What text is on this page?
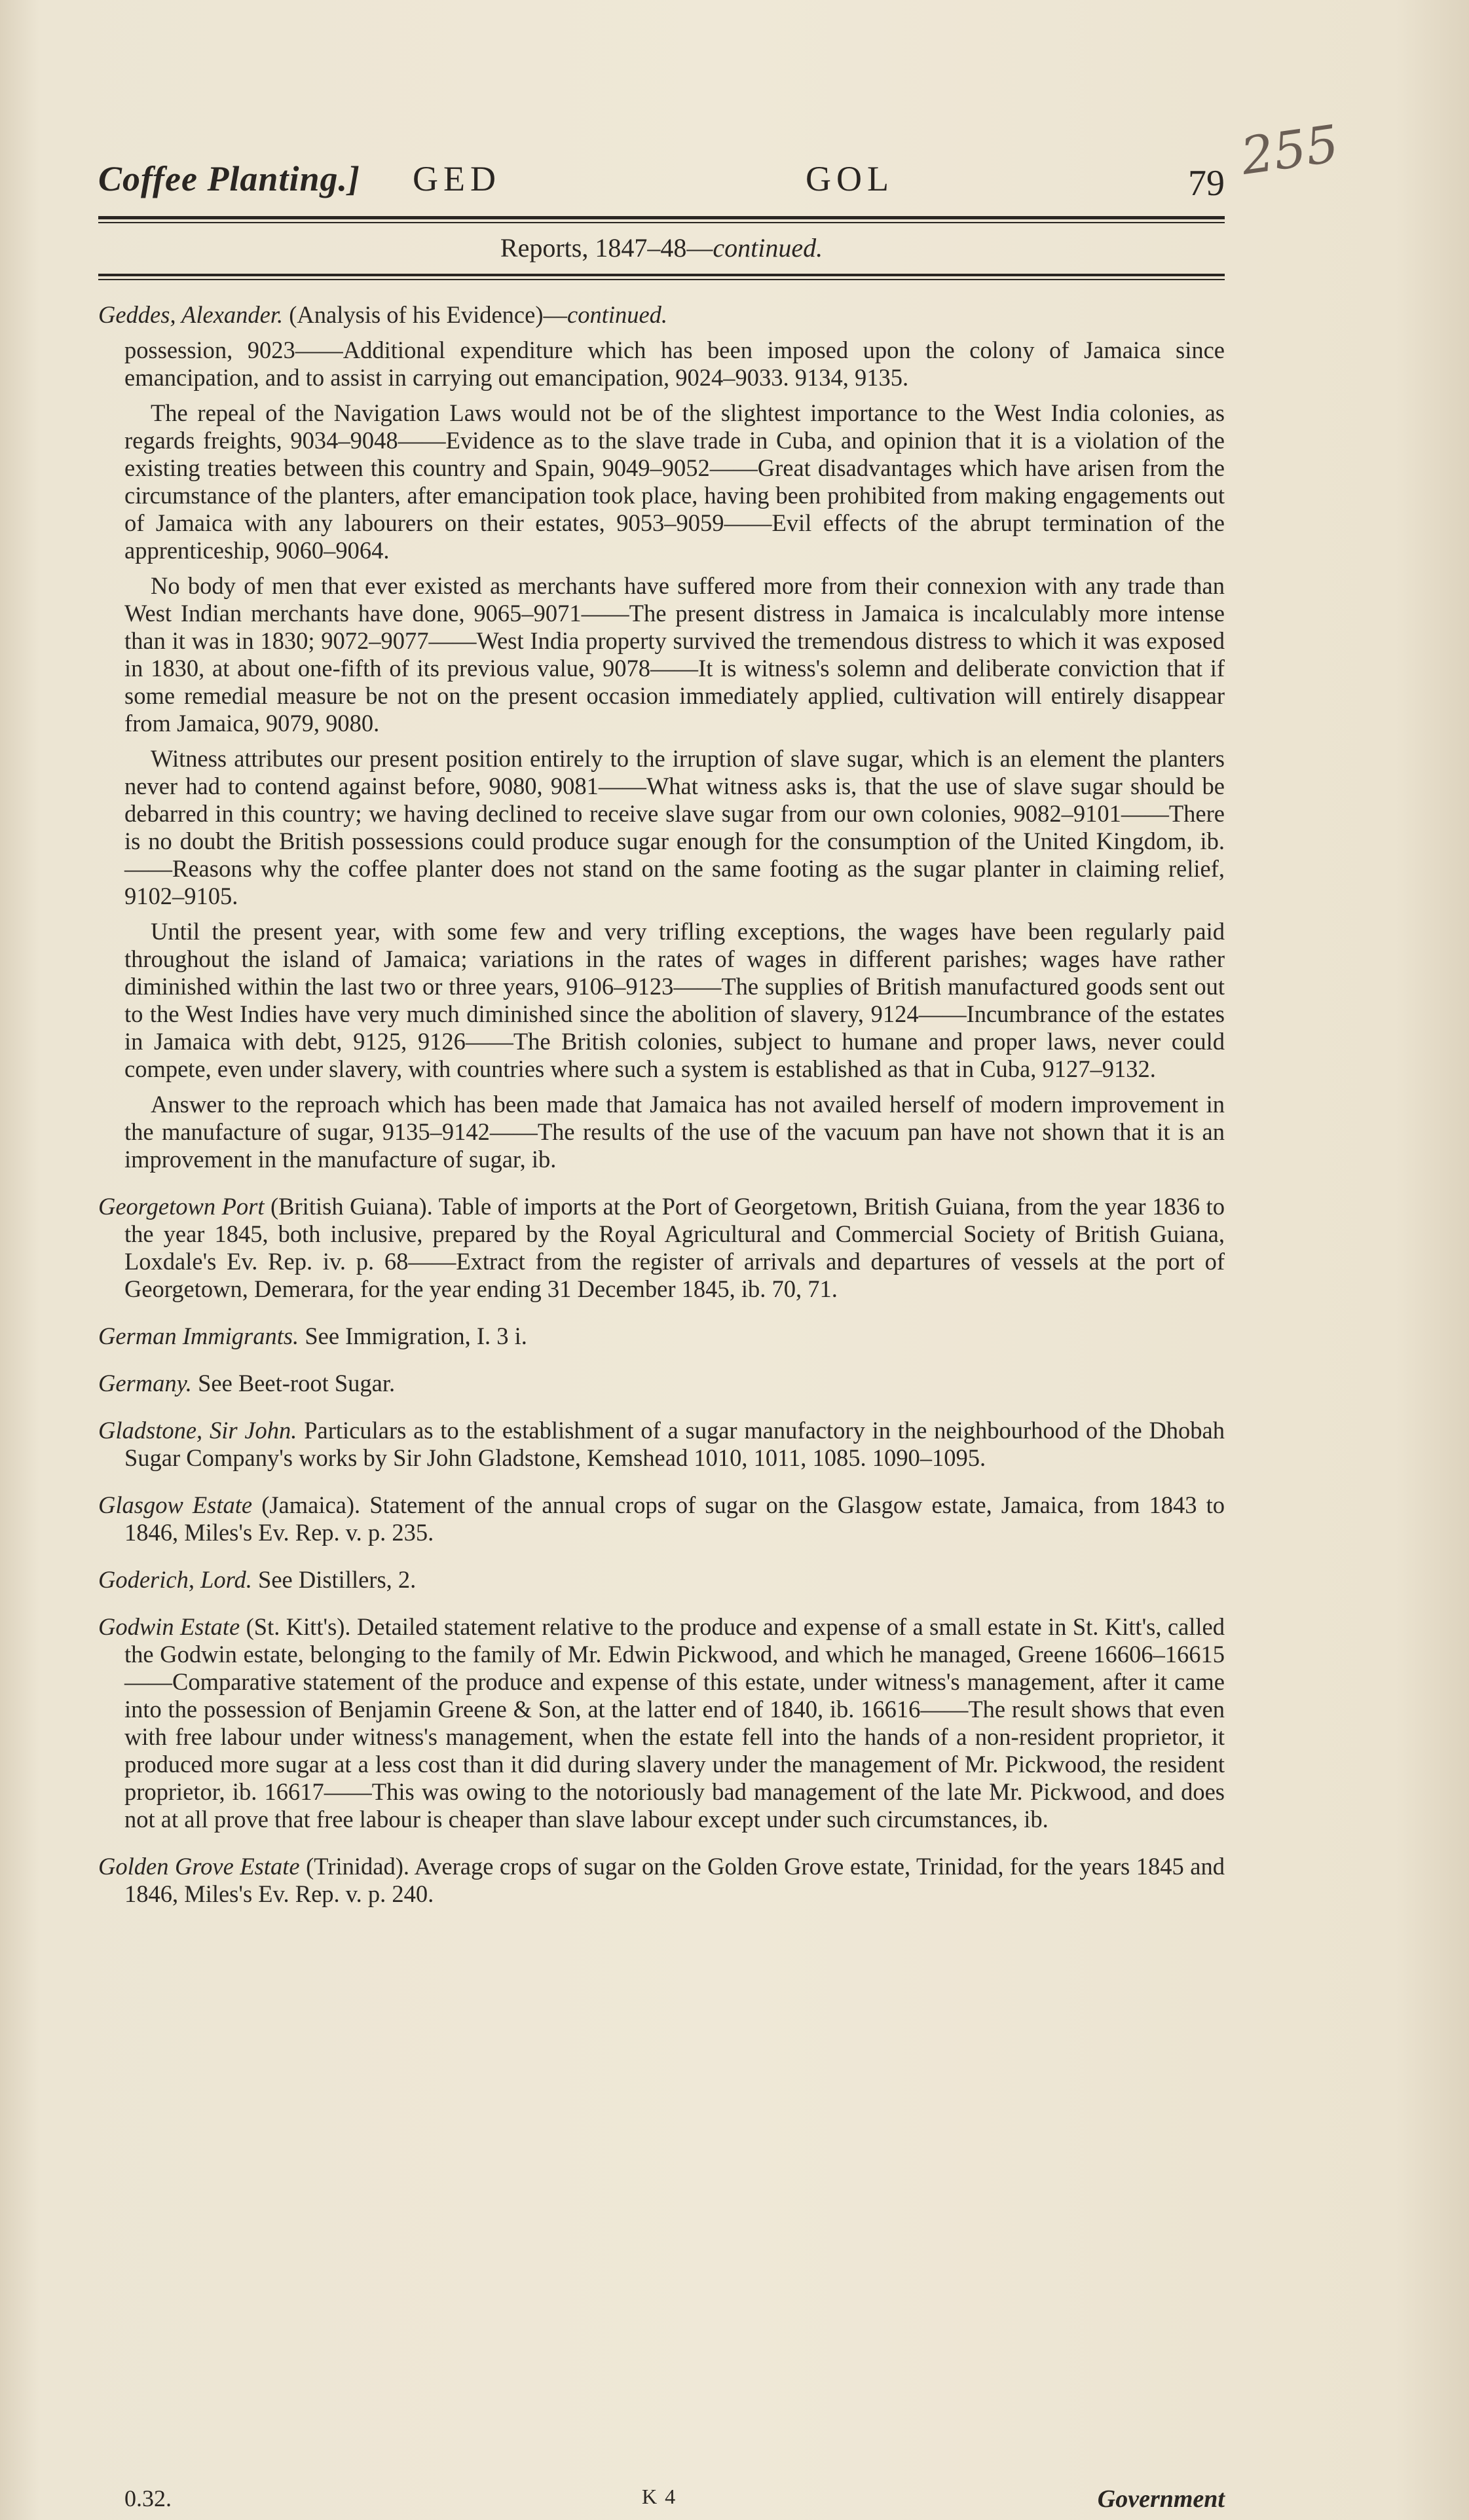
Coffee Planting.] GED	GOL	79 255
Reports, 1847–48—continued.

Geddes, Alexander. (Analysis of his Evidence)—continued.

possession, 9023——Additional expenditure which has been imposed upon the colony of Jamaica since emancipation, and to assist in carrying out emancipation, 9024–9033. 9134, 9135.

The repeal of the Navigation Laws would not be of the slightest importance to the West India colonies, as regards freights, 9034–9048——Evidence as to the slave trade in Cuba, and opinion that it is a violation of the existing treaties between this country and Spain, 9049–9052——Great disadvantages which have arisen from the circumstance of the planters, after emancipation took place, having been prohibited from making engagements out of Jamaica with any labourers on their estates, 9053–9059——Evil effects of the abrupt termination of the apprenticeship, 9060–9064.

No body of men that ever existed as merchants have suffered more from their connexion with any trade than West Indian merchants have done, 9065–9071——The present distress in Jamaica is incalculably more intense than it was in 1830; 9072–9077——West India property survived the tremendous distress to which it was exposed in 1830, at about one-fifth of its previous value, 9078——It is witness's solemn and deliberate conviction that if some remedial measure be not on the present occasion immediately applied, cultivation will entirely disappear from Jamaica, 9079, 9080.

Witness attributes our present position entirely to the irruption of slave sugar, which is an element the planters never had to contend against before, 9080, 9081——What witness asks is, that the use of slave sugar should be debarred in this country; we having declined to receive slave sugar from our own colonies, 9082–9101——There is no doubt the British possessions could produce sugar enough for the consumption of the United Kingdom, ib.——Reasons why the coffee planter does not stand on the same footing as the sugar planter in claiming relief, 9102–9105.

Until the present year, with some few and very trifling exceptions, the wages have been regularly paid throughout the island of Jamaica; variations in the rates of wages in different parishes; wages have rather diminished within the last two or three years, 9106–9123——The supplies of British manufactured goods sent out to the West Indies have very much diminished since the abolition of slavery, 9124——Incumbrance of the estates in Jamaica with debt, 9125, 9126——The British colonies, subject to humane and proper laws, never could compete, even under slavery, with countries where such a system is established as that in Cuba, 9127–9132.

Answer to the reproach which has been made that Jamaica has not availed herself of modern improvement in the manufacture of sugar, 9135–9142——The results of the use of the vacuum pan have not shown that it is an improvement in the manufacture of sugar, ib.

Georgetown Port (British Guiana). Table of imports at the Port of Georgetown, British Guiana, from the year 1836 to the year 1845, both inclusive, prepared by the Royal Agricultural and Commercial Society of British Guiana, Loxdale's Ev. Rep. iv. p. 68——Extract from the register of arrivals and departures of vessels at the port of Georgetown, Demerara, for the year ending 31 December 1845, ib. 70, 71.

German Immigrants. See Immigration, I. 3 i.

Germany. See Beet-root Sugar.

Gladstone, Sir John. Particulars as to the establishment of a sugar manufactory in the neighbourhood of the Dhobah Sugar Company's works by Sir John Gladstone, Kemshead 1010, 1011, 1085. 1090–1095.

Glasgow Estate (Jamaica). Statement of the annual crops of sugar on the Glasgow estate, Jamaica, from 1843 to 1846, Miles's Ev. Rep. v. p. 235.

Goderich, Lord. See Distillers, 2.

Godwin Estate (St. Kitt's). Detailed statement relative to the produce and expense of a small estate in St. Kitt's, called the Godwin estate, belonging to the family of Mr. Edwin Pickwood, and which he managed, Greene 16606–16615——Comparative statement of the produce and expense of this estate, under witness's management, after it came into the possession of Benjamin Greene & Son, at the latter end of 1840, ib. 16616——The result shows that even with free labour under witness's management, when the estate fell into the hands of a non-resident proprietor, it produced more sugar at a less cost than it did during slavery under the management of Mr. Pickwood, the resident proprietor, ib. 16617——This was owing to the notoriously bad management of the late Mr. Pickwood, and does not at all prove that free labour is cheaper than slave labour except under such circumstances, ib.

Golden Grove Estate (Trinidad). Average crops of sugar on the Golden Grove estate, Trinidad, for the years 1845 and 1846, Miles's Ev. Rep. v. p. 240.

0.32.	K 4	Government
